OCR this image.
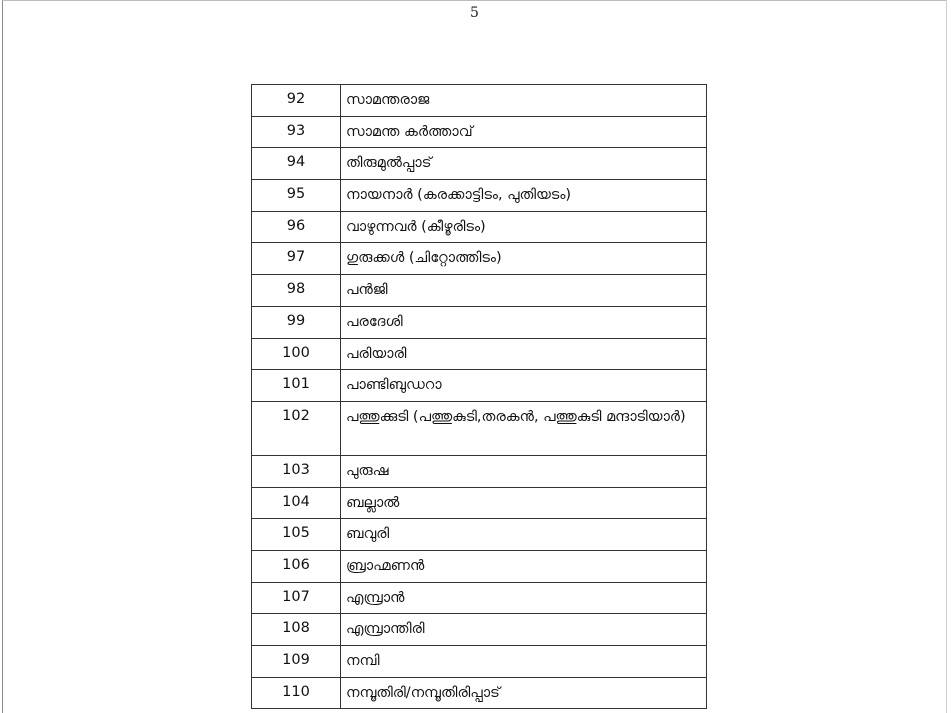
5
92	സാമന്തരാജ
93	സാമന്ത കർത്താവ്
94	തിരുമുൽപ്പാട്
95	നായനാർ (കരക്കാട്ടിടം, പുതിയടം)
96	വാഴുന്നവർ (കീഴൂരിടം)
97	ഗുരുക്കൾ (ചിറ്റോത്തിടം)
98	പൻജി
99	പരദേശി
100	പരിയാരി
101	പാണ്ടിബുഡറാ
102	പത്തുക്കുടി (പത്തുകുടി,തരകൻ, പത്തുകുടി മന്ദാടിയാർ)
103	പുരുഷ
104	ബല്ലാൽ
105	ബവുരി
106	ബ്രാഹ്മണൻ
107	എമ്പ്രാൻ
108	എമ്പ്രാന്തിരി
109	നമ്പി
110	നമ്പൂതിരി/നമ്പൂതിരിപ്പാട്
